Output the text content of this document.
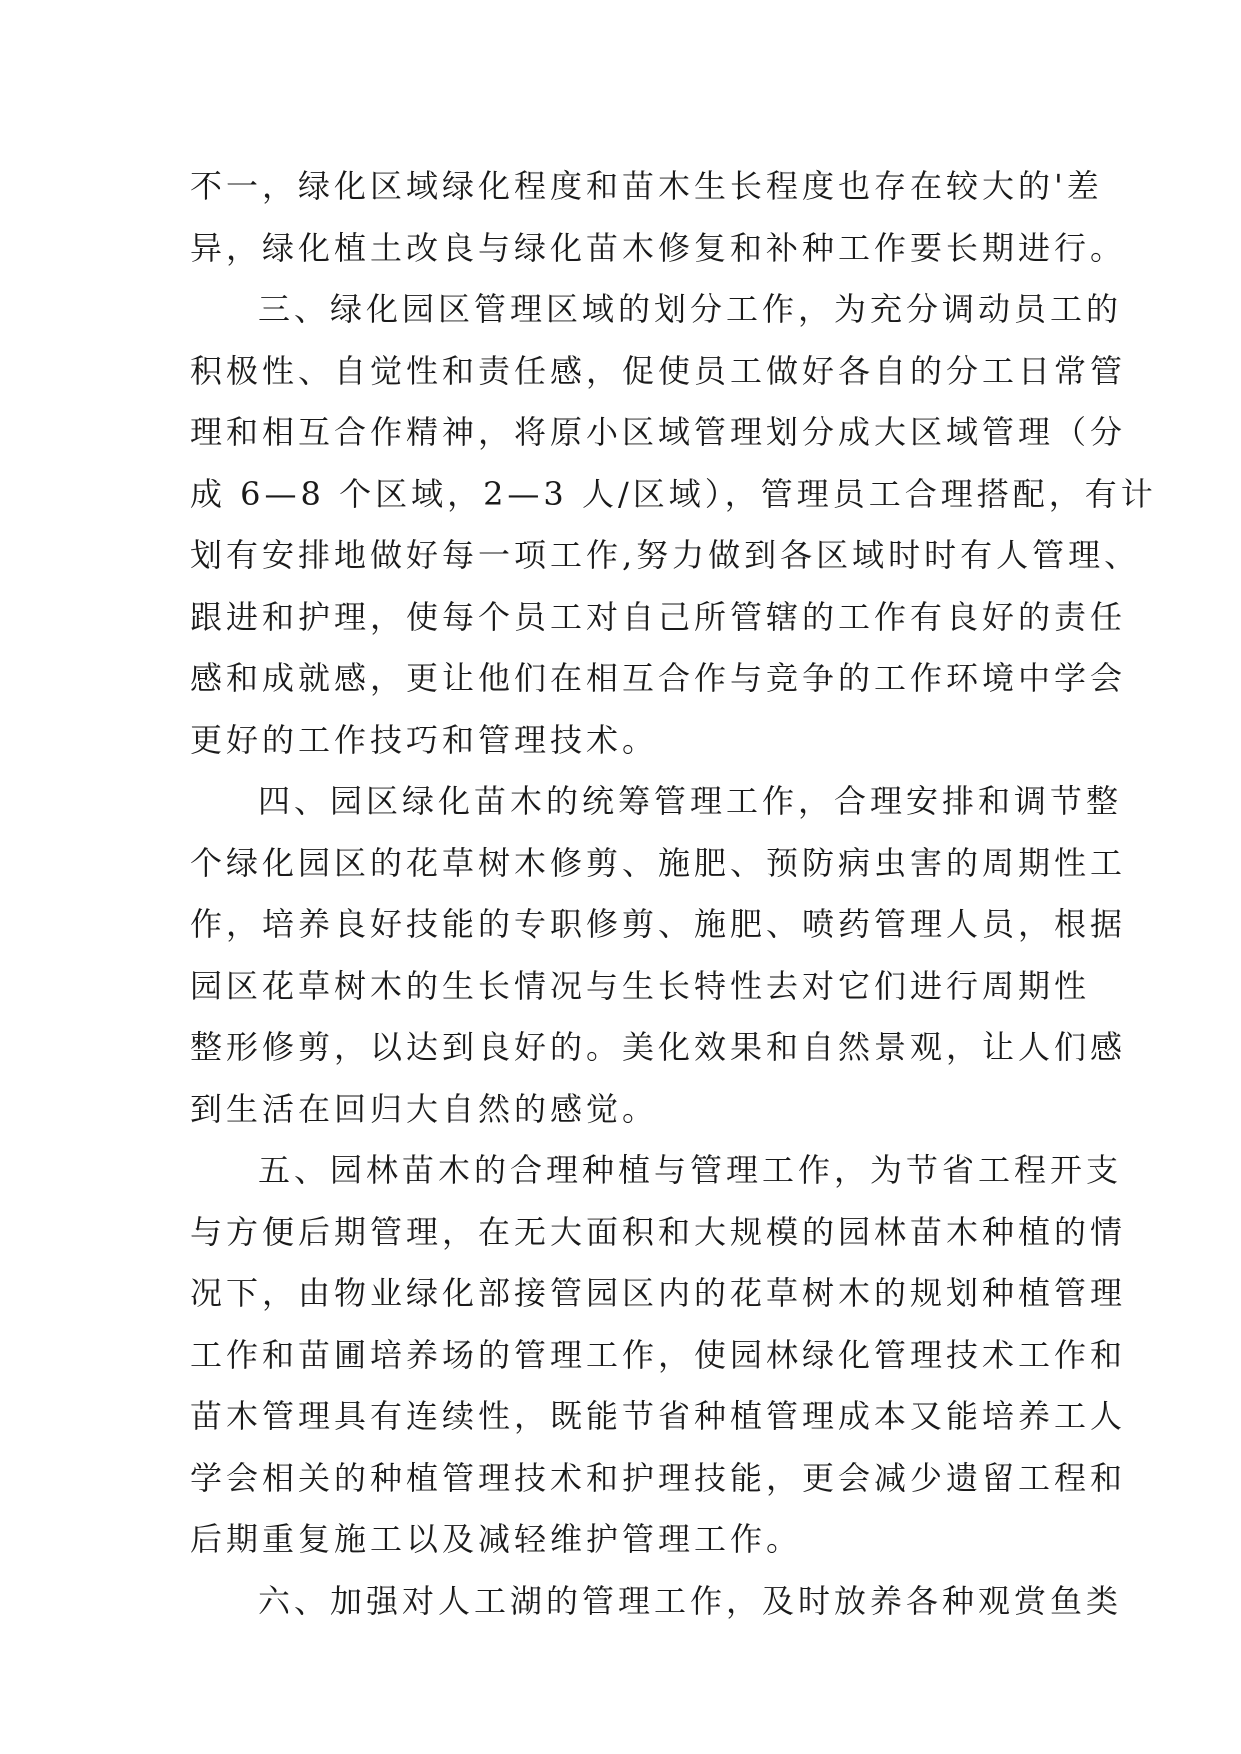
不一，绿化区域绿化程度和苗木生长程度也存在较大的'差
异，绿化植土改良与绿化苗木修复和补种工作要长期进行。
三、绿化园区管理区域的划分工作，为充分调动员工的
积极性、自觉性和责任感，促使员工做好各自的分工日常管
理和相互合作精神，将原小区域管理划分成大区域管理（分
成 6—8 个区域，2—3 人/区域），管理员工合理搭配，有计
划有安排地做好每一项工作,努力做到各区域时时有人管理、
跟进和护理，使每个员工对自己所管辖的工作有良好的责任
感和成就感，更让他们在相互合作与竞争的工作环境中学会
更好的工作技巧和管理技术。
四、园区绿化苗木的统筹管理工作，合理安排和调节整
个绿化园区的花草树木修剪、施肥、预防病虫害的周期性工
作，培养良好技能的专职修剪、施肥、喷药管理人员，根据
园区花草树木的生长情况与生长特性去对它们进行周期性
整形修剪，以达到良好的。美化效果和自然景观，让人们感
到生活在回归大自然的感觉。
五、园林苗木的合理种植与管理工作，为节省工程开支
与方便后期管理，在无大面积和大规模的园林苗木种植的情
况下，由物业绿化部接管园区内的花草树木的规划种植管理
工作和苗圃培养场的管理工作，使园林绿化管理技术工作和
苗木管理具有连续性，既能节省种植管理成本又能培养工人
学会相关的种植管理技术和护理技能，更会减少遗留工程和
后期重复施工以及减轻维护管理工作。
六、加强对人工湖的管理工作，及时放养各种观赏鱼类
